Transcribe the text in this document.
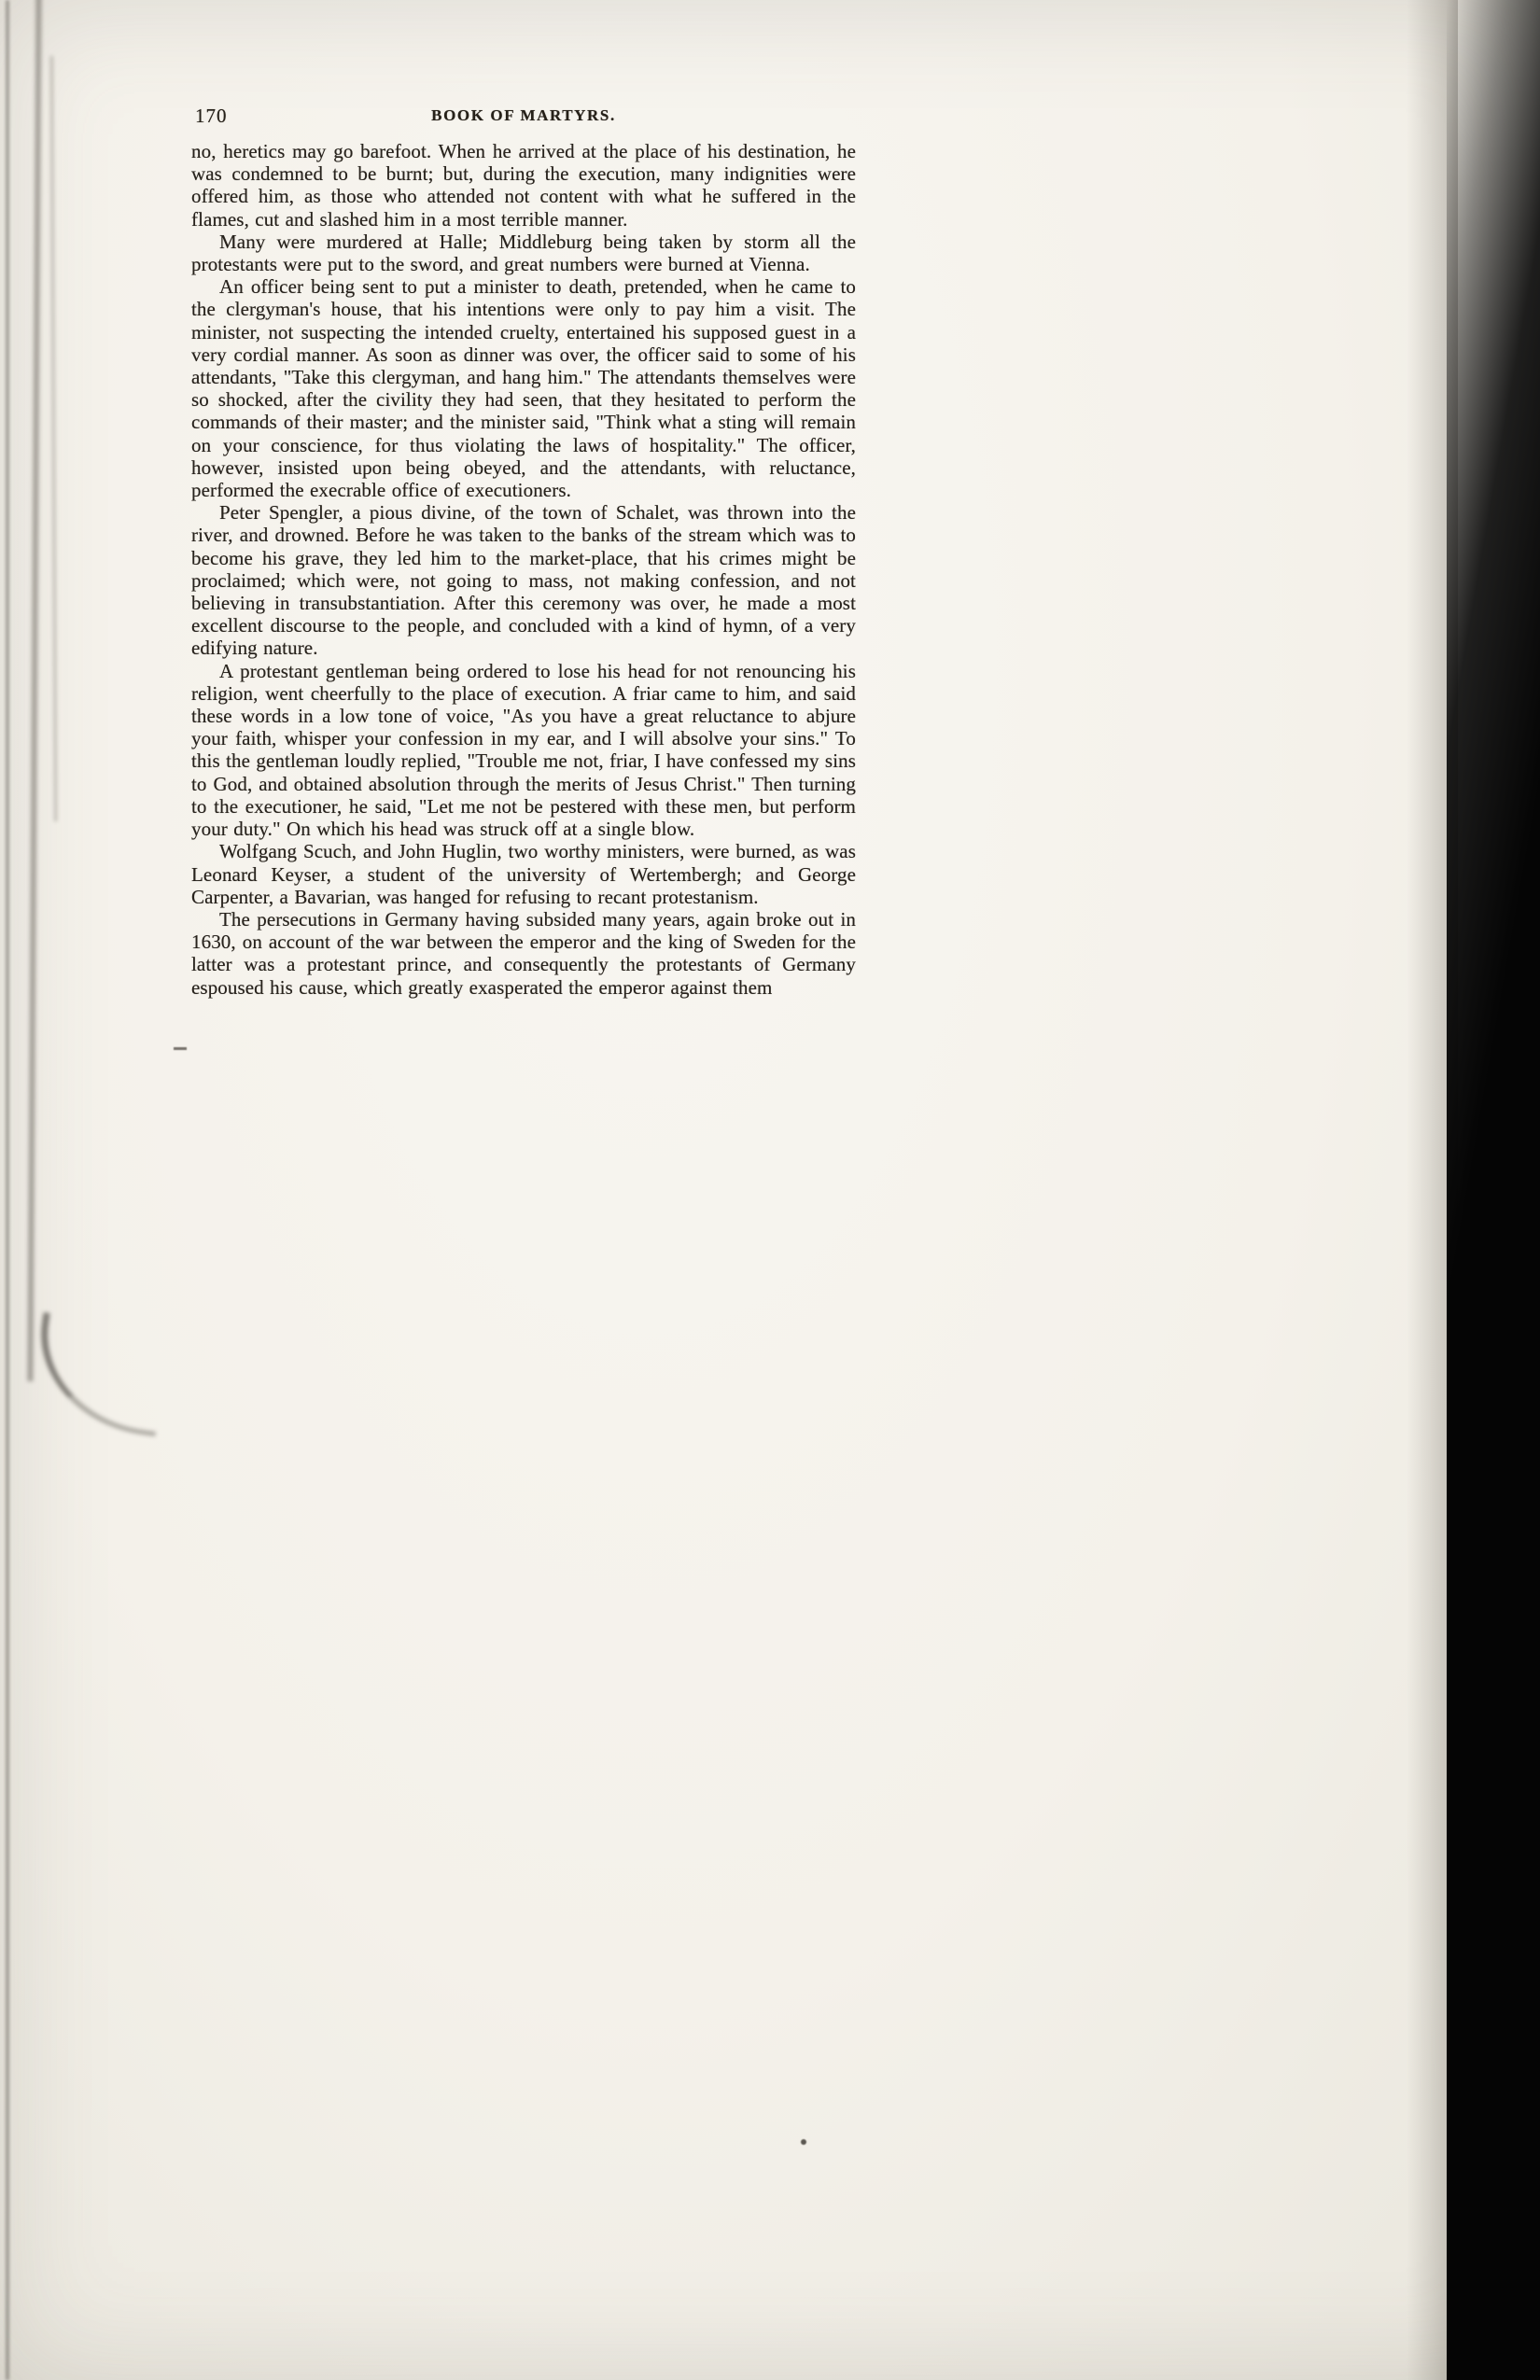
170	BOOK OF MARTYRS.

no, heretics may go barefoot. When he arrived at the place of his destination, he was condemned to be burnt; but, during the execution, many indignities were offered him, as those who attended not content with what he suffered in the flames, cut and slashed him in a most terrible manner.

Many were murdered at Halle; Middleburg being taken by storm all the protestants were put to the sword, and great numbers were burned at Vienna.

An officer being sent to put a minister to death, pretended, when he came to the clergyman's house, that his intentions were only to pay him a visit. The minister, not suspecting the intended cruelty, entertained his supposed guest in a very cordial manner. As soon as dinner was over, the officer said to some of his attendants, "Take this clergyman, and hang him." The attendants themselves were so shocked, after the civility they had seen, that they hesitated to perform the commands of their master; and the minister said, "Think what a sting will remain on your conscience, for thus violating the laws of hospitality." The officer, however, insisted upon being obeyed, and the attendants, with reluctance, performed the execrable office of executioners.

Peter Spengler, a pious divine, of the town of Schalet, was thrown into the river, and drowned. Before he was taken to the banks of the stream which was to become his grave, they led him to the market-place, that his crimes might be proclaimed; which were, not going to mass, not making confession, and not believing in transubstantiation. After this ceremony was over, he made a most excellent discourse to the people, and concluded with a kind of hymn, of a very edifying nature.

A protestant gentleman being ordered to lose his head for not renouncing his religion, went cheerfully to the place of execution. A friar came to him, and said these words in a low tone of voice, "As you have a great reluctance to abjure your faith, whisper your confession in my ear, and I will absolve your sins." To this the gentleman loudly replied, "Trouble me not, friar, I have confessed my sins to God, and obtained absolution through the merits of Jesus Christ." Then turning to the executioner, he said, "Let me not be pestered with these men, but perform your duty." On which his head was struck off at a single blow.

Wolfgang Scuch, and John Huglin, two worthy ministers, were burned, as was Leonard Keyser, a student of the university of Wertembergh; and George Carpenter, a Bavarian, was hanged for refusing to recant protestanism.

The persecutions in Germany having subsided many years, again broke out in 1630, on account of the war between the emperor and the king of Sweden for the latter was a protestant prince, and consequently the protestants of Germany espoused his cause, which greatly exasperated the emperor against them
